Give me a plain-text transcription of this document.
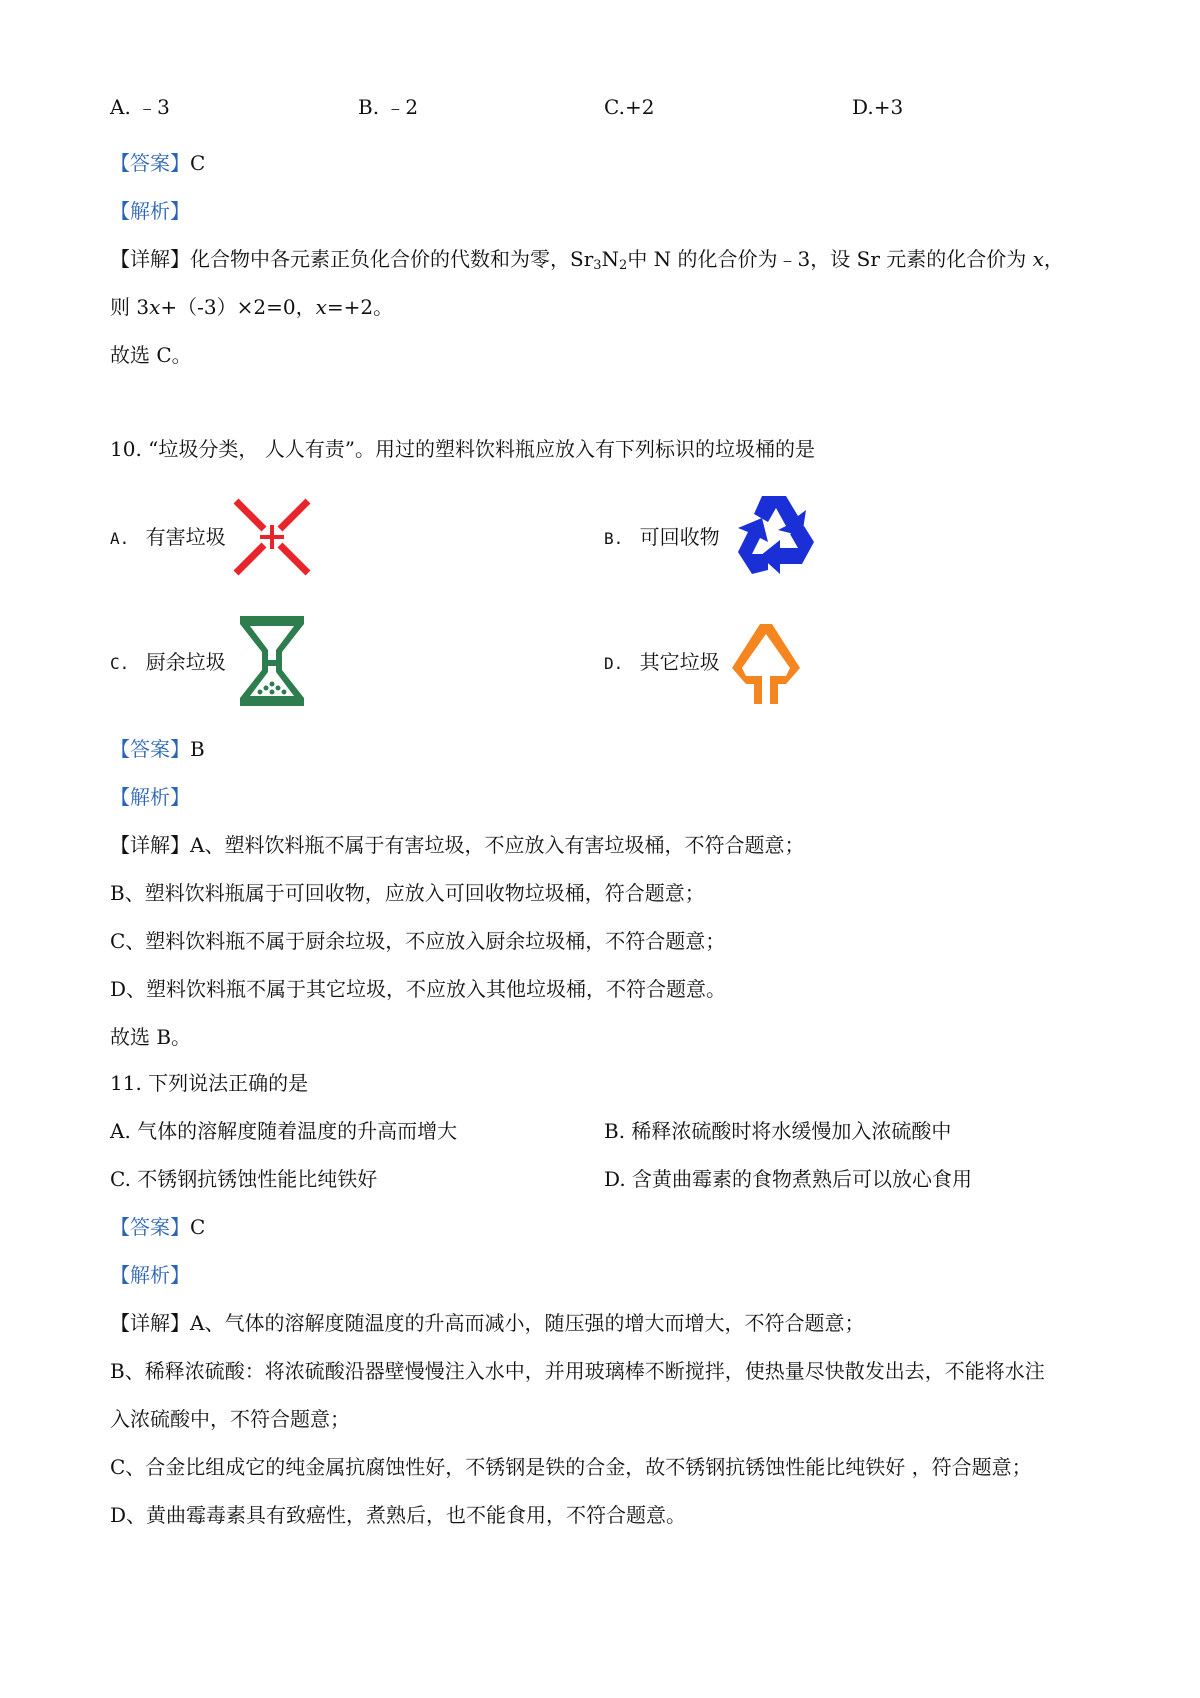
A. ﹣3	B. ﹣2	C.+2	D.+3
【答案】C
【解析】
【详解】化合物中各元素正负化合价的代数和为零，$Sr_3N_2$中 N 的化合价为﹣3，设 Sr 元素的化合价为 x，
则 3x+（-3）×2=0，x=+2。
故选 C。
10. “垃圾分类， 人人有责”。用过的塑料饮料瓶应放入有下列标识的垃圾桶的是
A. 有害垃圾	B. 可回收物
C. 厨余垃圾	D. 其它垃圾
【答案】B
【解析】
【详解】A、塑料饮料瓶不属于有害垃圾，不应放入有害垃圾桶，不符合题意；
B、塑料饮料瓶属于可回收物，应放入可回收物垃圾桶，符合题意；
C、塑料饮料瓶不属于厨余垃圾，不应放入厨余垃圾桶，不符合题意；
D、塑料饮料瓶不属于其它垃圾，不应放入其他垃圾桶，不符合题意。
故选 B。
11. 下列说法正确的是
A. 气体的溶解度随着温度的升高而增大	B. 稀释浓硫酸时将水缓慢加入浓硫酸中
C. 不锈钢抗锈蚀性能比纯铁好	D. 含黄曲霉素的食物煮熟后可以放心食用
【答案】C
【解析】
【详解】A、气体的溶解度随温度的升高而减小，随压强的增大而增大，不符合题意；
B、稀释浓硫酸：将浓硫酸沿器壁慢慢注入水中，并用玻璃棒不断搅拌，使热量尽快散发出去，不能将水注
入浓硫酸中，不符合题意；
C、合金比组成它的纯金属抗腐蚀性好，不锈钢是铁的合金，故不锈钢抗锈蚀性能比纯铁好 ，符合题意；
D、黄曲霉毒素具有致癌性，煮熟后，也不能食用，不符合题意。
